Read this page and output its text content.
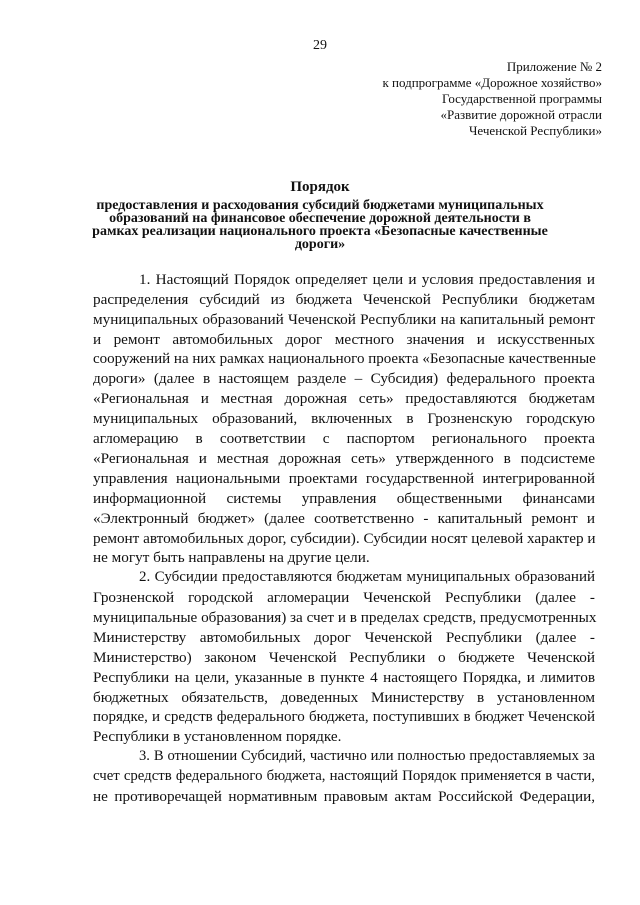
29
Приложение № 2
к подпрограмме «Дорожное хозяйство»
Государственной программы
«Развитие дорожной отрасли
Чеченской Республики»
Порядок
предоставления и расходования субсидий бюджетами муниципальных
образований на финансовое обеспечение дорожной деятельности в
рамках реализации национального проекта «Безопасные качественные
дороги»
1. Настоящий Порядок определяет цели и условия предоставления и
распределения субсидий из бюджета Чеченской Республики бюджетам
муниципальных образований Чеченской Республики на капитальный ремонт
и ремонт автомобильных дорог местного значения и искусственных
сооружений на них рамках национального проекта «Безопасные качественные
дороги» (далее в настоящем разделе – Субсидия) федерального проекта
«Региональная и местная дорожная сеть» предоставляются бюджетам
муниципальных образований, включенных в Грозненскую городскую
агломерацию в соответствии с паспортом регионального проекта
«Региональная и местная дорожная сеть» утвержденного в подсистеме
управления национальными проектами государственной интегрированной
информационной системы управления общественными финансами
«Электронный бюджет» (далее соответственно - капитальный ремонт и
ремонт автомобильных дорог, субсидии). Субсидии носят целевой характер и
не могут быть направлены на другие цели.
2. Субсидии предоставляются бюджетам муниципальных образований
Грозненской городской агломерации Чеченской Республики (далее -
муниципальные образования) за счет и в пределах средств, предусмотренных
Министерству автомобильных дорог Чеченской Республики (далее -
Министерство) законом Чеченской Республики о бюджете Чеченской
Республики на цели, указанные в пункте 4 настоящего Порядка, и лимитов
бюджетных обязательств, доведенных Министерству в установленном
порядке, и средств федерального бюджета, поступивших в бюджет Чеченской
Республики в установленном порядке.
3. В отношении Субсидий, частично или полностью предоставляемых за
счет средств федерального бюджета, настоящий Порядок применяется в части,
не противоречащей нормативным правовым актам Российской Федерации,
